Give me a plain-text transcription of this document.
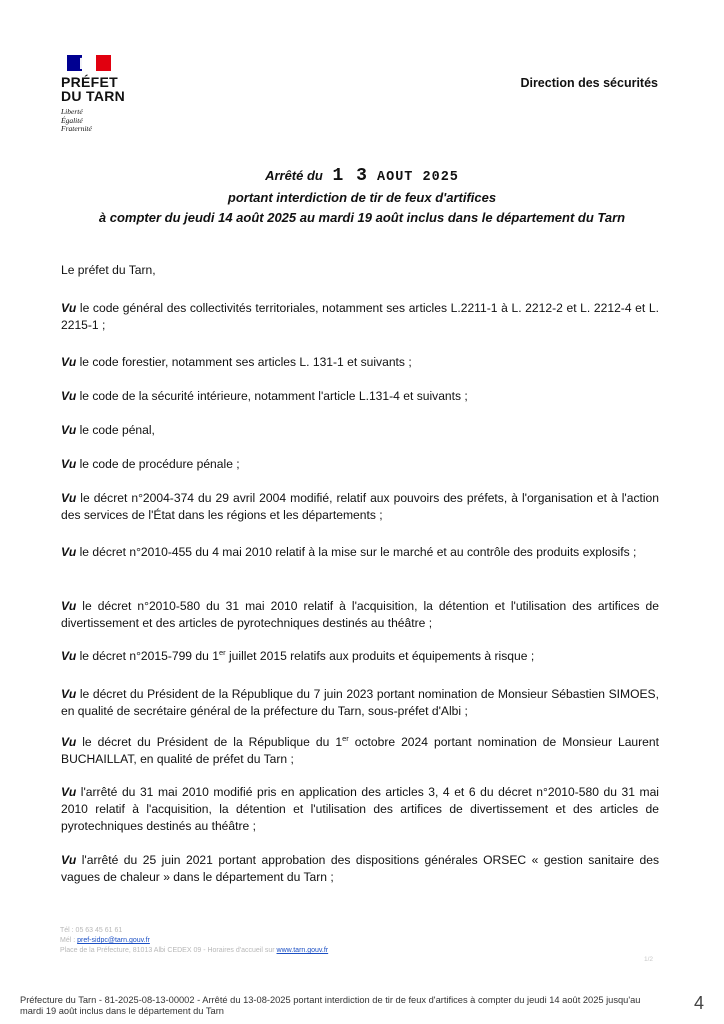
PRÉFET
DU TARN
Liberté
Égalité
Fraternité
Direction des sécurités
Arrêté du 1 3 AOUT 2025
portant interdiction de tir de feux d'artifices
à compter du jeudi 14 août 2025 au mardi 19 août inclus dans le département du Tarn

Le préfet du Tarn,

Vu le code général des collectivités territoriales, notamment ses articles L.2211-1 à L. 2212-2 et L. 2212-4 et L. 2215-1 ;

Vu le code forestier, notamment ses articles L. 131-1 et suivants ;

Vu le code de la sécurité intérieure, notamment l'article L.131-4 et suivants ;

Vu le code pénal,

Vu le code de procédure pénale ;

Vu le décret n°2004-374 du 29 avril 2004 modifié, relatif aux pouvoirs des préfets, à l'organisation et à l'action des services de l'État dans les régions et les départements ;

Vu le décret n°2010-455 du 4 mai 2010 relatif à la mise sur le marché et au contrôle des produits explosifs ;

Vu le décret n°2010-580 du 31 mai 2010 relatif à l'acquisition, la détention et l'utilisation des artifices de divertissement et des articles de pyrotechniques destinés au théâtre ;

Vu le décret n°2015-799 du 1er juillet 2015 relatifs aux produits et équipements à risque ;

Vu le décret du Président de la République du 7 juin 2023 portant nomination de Monsieur Sébastien SIMOES, en qualité de secrétaire général de la préfecture du Tarn, sous-préfet d'Albi ;

Vu le décret du Président de la République du 1er octobre 2024 portant nomination de Monsieur Laurent BUCHAILLAT, en qualité de préfet du Tarn ;

Vu l'arrêté du 31 mai 2010 modifié pris en application des articles 3, 4 et 6 du décret n°2010-580 du 31 mai 2010 relatif à l'acquisition, la détention et l'utilisation des artifices de divertissement et des articles de pyrotechniques destinés au théâtre ;

Vu l'arrêté du 25 juin 2021 portant approbation des dispositions générales ORSEC « gestion sanitaire des vagues de chaleur » dans le département du Tarn ;

Tél : 05 63 45 61 61
Mél : pref-sidpc@tarn.gouv.fr
Place de la Préfecture, 81013 Albi CEDEX 09 - Horaires d'accueil sur www.tarn.gouv.fr
1/2
Préfecture du Tarn - 81-2025-08-13-00002 - Arrêté du 13-08-2025 portant interdiction de tir de feux d'artifices à compter du jeudi 14 août 2025 jusqu'au mardi 19 août inclus dans le département du Tarn	4
